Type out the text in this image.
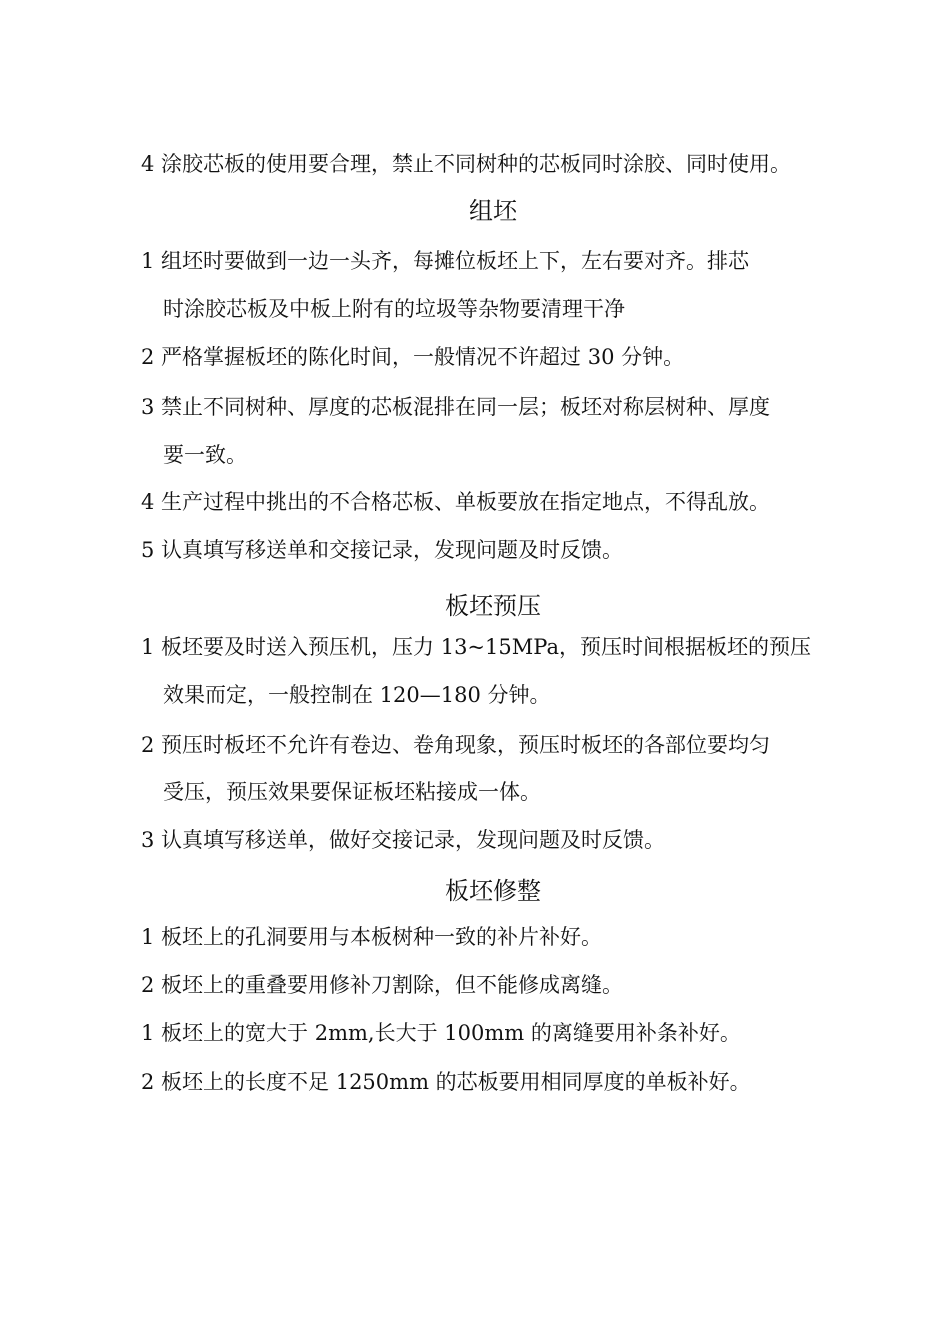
4 涂胶芯板的使用要合理，禁止不同树种的芯板同时涂胶、同时使用。
组坯
1 组坯时要做到一边一头齐，每摊位板坯上下，左右要对齐。排芯
时涂胶芯板及中板上附有的垃圾等杂物要清理干净
2 严格掌握板坯的陈化时间，一般情况不许超过 30 分钟。
3 禁止不同树种、厚度的芯板混排在同一层；板坯对称层树种、厚度
要一致。
4 生产过程中挑出的不合格芯板、单板要放在指定地点，不得乱放。
5 认真填写移送单和交接记录，发现问题及时反馈。
板坯预压
1 板坯要及时送入预压机，压力 13~15MPa，预压时间根据板坯的预压
效果而定，一般控制在 120—180 分钟。
2 预压时板坯不允许有卷边、卷角现象，预压时板坯的各部位要均匀
受压，预压效果要保证板坯粘接成一体。
3 认真填写移送单，做好交接记录，发现问题及时反馈。
板坯修整
1 板坯上的孔洞要用与本板树种一致的补片补好。
2 板坯上的重叠要用修补刀割除，但不能修成离缝。
1 板坯上的宽大于 2mm,长大于 100mm 的离缝要用补条补好。
2 板坯上的长度不足 1250mm 的芯板要用相同厚度的单板补好。
